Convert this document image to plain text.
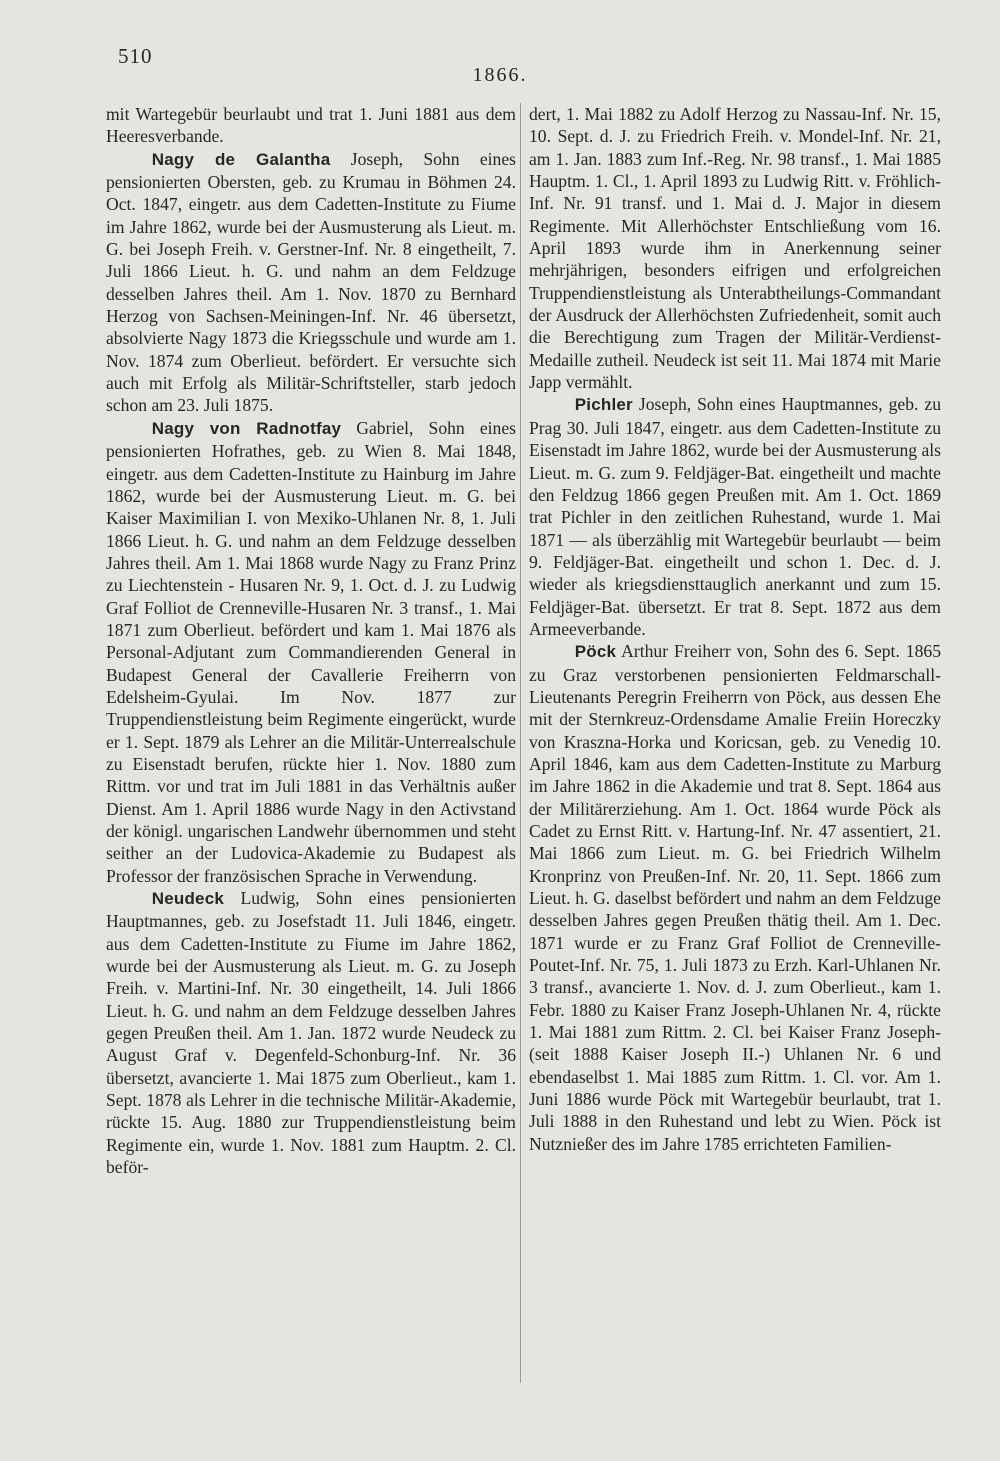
510
1866.

mit Wartegebür beurlaubt und trat 1. Juni 1881 aus dem Heeresverbande.

Nagy de Galantha Joseph, Sohn eines pensionierten Obersten, geb. zu Krumau in Böhmen 24. Oct. 1847, eingetr. aus dem Cadetten-Institute zu Fiume im Jahre 1862, wurde bei der Ausmusterung als Lieut. m. G. bei Joseph Freih. v. Gerstner-Inf. Nr. 8 eingetheilt, 7. Juli 1866 Lieut. h. G. und nahm an dem Feldzuge desselben Jahres theil. Am 1. Nov. 1870 zu Bernhard Herzog von Sachsen-Meiningen-Inf. Nr. 46 übersetzt, absolvierte Nagy 1873 die Kriegsschule und wurde am 1. Nov. 1874 zum Oberlieut. befördert. Er versuchte sich auch mit Erfolg als Militär-Schriftsteller, starb jedoch schon am 23. Juli 1875.

Nagy von Radnotfay Gabriel, Sohn eines pensionierten Hofrathes, geb. zu Wien 8. Mai 1848, eingetr. aus dem Cadetten-Institute zu Hainburg im Jahre 1862, wurde bei der Ausmusterung Lieut. m. G. bei Kaiser Maximilian I. von Mexiko-Uhlanen Nr. 8, 1. Juli 1866 Lieut. h. G. und nahm an dem Feldzuge desselben Jahres theil. Am 1. Mai 1868 wurde Nagy zu Franz Prinz zu Liechtenstein - Husaren Nr. 9, 1. Oct. d. J. zu Ludwig Graf Folliot de Crenneville-Husaren Nr. 3 transf., 1. Mai 1871 zum Oberlieut. befördert und kam 1. Mai 1876 als Personal-Adjutant zum Commandierenden General in Budapest General der Cavallerie Freiherrn von Edelsheim-Gyulai. Im Nov. 1877 zur Truppendienstleistung beim Regimente eingerückt, wurde er 1. Sept. 1879 als Lehrer an die Militär-Unterrealschule zu Eisenstadt berufen, rückte hier 1. Nov. 1880 zum Rittm. vor und trat im Juli 1881 in das Verhältnis außer Dienst. Am 1. April 1886 wurde Nagy in den Activstand der königl. ungarischen Landwehr übernommen und steht seither an der Ludovica-Akademie zu Budapest als Professor der französischen Sprache in Verwendung.

Neudeck Ludwig, Sohn eines pensionierten Hauptmannes, geb. zu Josefstadt 11. Juli 1846, eingetr. aus dem Cadetten-Institute zu Fiume im Jahre 1862, wurde bei der Ausmusterung als Lieut. m. G. zu Joseph Freih. v. Martini-Inf. Nr. 30 eingetheilt, 14. Juli 1866 Lieut. h. G. und nahm an dem Feldzuge desselben Jahres gegen Preußen theil. Am 1. Jan. 1872 wurde Neudeck zu August Graf v. Degenfeld-Schonburg-Inf. Nr. 36 übersetzt, avancierte 1. Mai 1875 zum Oberlieut., kam 1. Sept. 1878 als Lehrer in die technische Militär-Akademie, rückte 15. Aug. 1880 zur Truppendienstleistung beim Regimente ein, wurde 1. Nov. 1881 zum Hauptm. 2. Cl. beför-

dert, 1. Mai 1882 zu Adolf Herzog zu Nassau-Inf. Nr. 15, 10. Sept. d. J. zu Friedrich Freih. v. Mondel-Inf. Nr. 21, am 1. Jan. 1883 zum Inf.-Reg. Nr. 98 transf., 1. Mai 1885 Hauptm. 1. Cl., 1. April 1893 zu Ludwig Ritt. v. Fröhlich-Inf. Nr. 91 transf. und 1. Mai d. J. Major in diesem Regimente. Mit Allerhöchster Entschließung vom 16. April 1893 wurde ihm in Anerkennung seiner mehrjährigen, besonders eifrigen und erfolgreichen Truppendienstleistung als Unterabtheilungs-Commandant der Ausdruck der Allerhöchsten Zufriedenheit, somit auch die Berechtigung zum Tragen der Militär-Verdienst-Medaille zutheil. Neudeck ist seit 11. Mai 1874 mit Marie Japp vermählt.

Pichler Joseph, Sohn eines Hauptmannes, geb. zu Prag 30. Juli 1847, eingetr. aus dem Cadetten-Institute zu Eisenstadt im Jahre 1862, wurde bei der Ausmusterung als Lieut. m. G. zum 9. Feldjäger-Bat. eingetheilt und machte den Feldzug 1866 gegen Preußen mit. Am 1. Oct. 1869 trat Pichler in den zeitlichen Ruhestand, wurde 1. Mai 1871 — als überzählig mit Wartegebür beurlaubt — beim 9. Feldjäger-Bat. eingetheilt und schon 1. Dec. d. J. wieder als kriegsdiensttauglich anerkannt und zum 15. Feldjäger-Bat. übersetzt. Er trat 8. Sept. 1872 aus dem Armeeverbande.

Pöck Arthur Freiherr von, Sohn des 6. Sept. 1865 zu Graz verstorbenen pensionierten Feldmarschall-Lieutenants Peregrin Freiherrn von Pöck, aus dessen Ehe mit der Sternkreuz-Ordensdame Amalie Freiin Horeczky von Kraszna-Horka und Koricsan, geb. zu Venedig 10. April 1846, kam aus dem Cadetten-Institute zu Marburg im Jahre 1862 in die Akademie und trat 8. Sept. 1864 aus der Militärerziehung. Am 1. Oct. 1864 wurde Pöck als Cadet zu Ernst Ritt. v. Hartung-Inf. Nr. 47 assentiert, 21. Mai 1866 zum Lieut. m. G. bei Friedrich Wilhelm Kronprinz von Preußen-Inf. Nr. 20, 11. Sept. 1866 zum Lieut. h. G. daselbst befördert und nahm an dem Feldzuge desselben Jahres gegen Preußen thätig theil. Am 1. Dec. 1871 wurde er zu Franz Graf Folliot de Crenneville-Poutet-Inf. Nr. 75, 1. Juli 1873 zu Erzh. Karl-Uhlanen Nr. 3 transf., avancierte 1. Nov. d. J. zum Oberlieut., kam 1. Febr. 1880 zu Kaiser Franz Joseph-Uhlanen Nr. 4, rückte 1. Mai 1881 zum Rittm. 2. Cl. bei Kaiser Franz Joseph- (seit 1888 Kaiser Joseph II.-) Uhlanen Nr. 6 und ebendaselbst 1. Mai 1885 zum Rittm. 1. Cl. vor. Am 1. Juni 1886 wurde Pöck mit Wartegebür beurlaubt, trat 1. Juli 1888 in den Ruhestand und lebt zu Wien. Pöck ist Nutznießer des im Jahre 1785 errichteten Familien-
